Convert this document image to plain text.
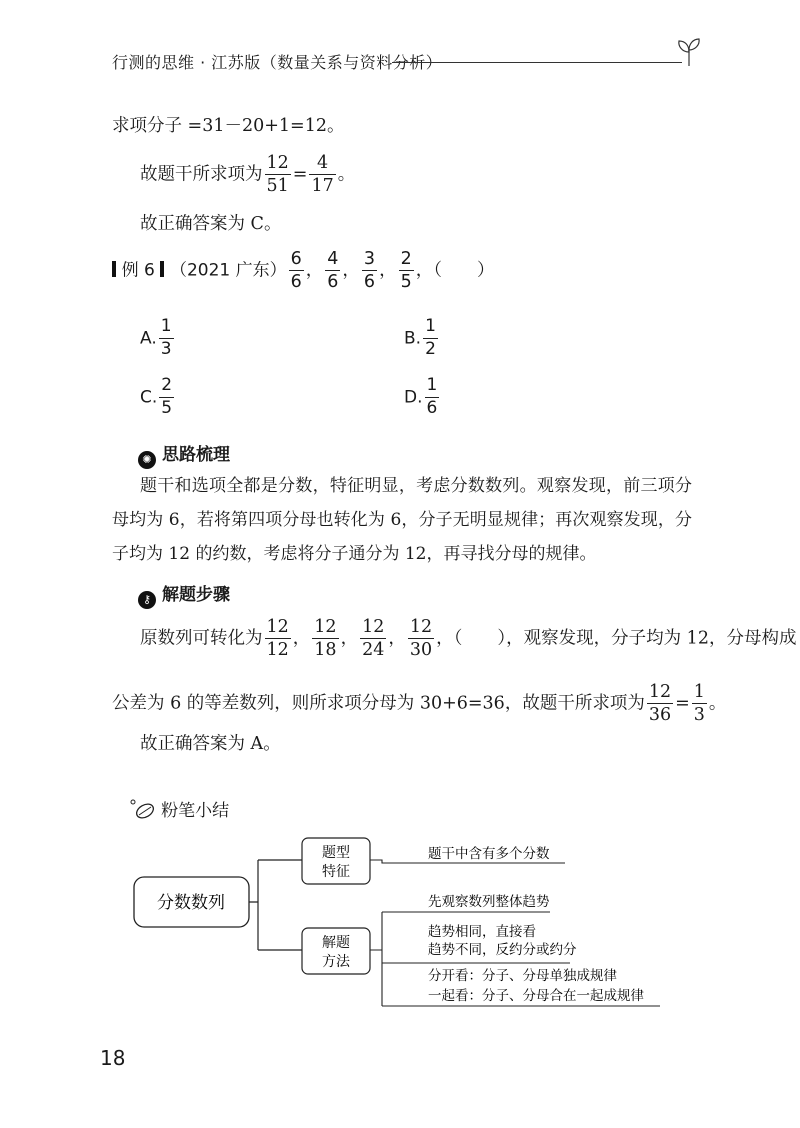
行测的思维 · 江苏版（数量关系与资料分析）
求项分子 =31－20+1=12。
故题干所求项为 $\frac{12}{51} = \frac{4}{17}$ 。
故正确答案为 C。
例 6 （2021 广东） $\frac{6}{6}$ ， $\frac{4}{6}$ ， $\frac{3}{6}$ ， $\frac{2}{5}$ ，（　　）
A. $\frac{1}{3}$	B. $\frac{1}{2}$
C. $\frac{2}{5}$	D. $\frac{1}{6}$
✺ 思路梳理
题干和选项全都是分数，特征明显，考虑分数数列。观察发现，前三项分母均为 6，若将第四项分母也转化为 6，分子无明显规律；再次观察发现，分子均为 12 的约数，考虑将分子通分为 12，再寻找分母的规律。
⚷ 解题步骤
原数列可转化为 $\frac{12}{12}$ ， $\frac{12}{18}$ ， $\frac{12}{24}$ ， $\frac{12}{30}$ ，（　　），观察发现，分子均为 12，分母构成
公差为 6 的等差数列，则所求项分母为 30+6=36，故题干所求项为 $\frac{12}{36} = \frac{1}{3}$ 。
故正确答案为 A。
粉笔小结
分数数列
题型
特征
题干中含有多个分数
解题
方法
先观察数列整体趋势
趋势相同，直接看
趋势不同，反约分或约分
分开看：分子、分母单独成规律
一起看：分子、分母合在一起成规律
18
